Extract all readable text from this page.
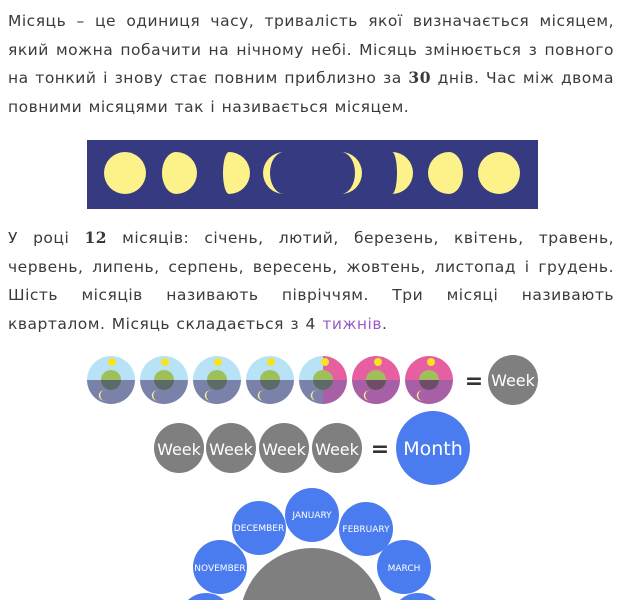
Місяць – це одиниця часу, тривалість якої визначається місяцем, який можна побачити на нічному небі. Місяць змінюється з повного на тонкий і знову стає повним приблизно за 30 днів. Час між двома повними місяцями так і називається місяцем.

У році 12 місяців: січень, лютий, березень, квітень, травень, червень, липень, серпень, вересень, жовтень, листопад і грудень. Шість місяців називають півріччям. Три місяці називають кварталом. Місяць складається з 4 тижнів.

= Week
Week Week Week Week = Month
JANUARY
FEBRUARY
MARCH
DECEMBER
NOVEMBER
